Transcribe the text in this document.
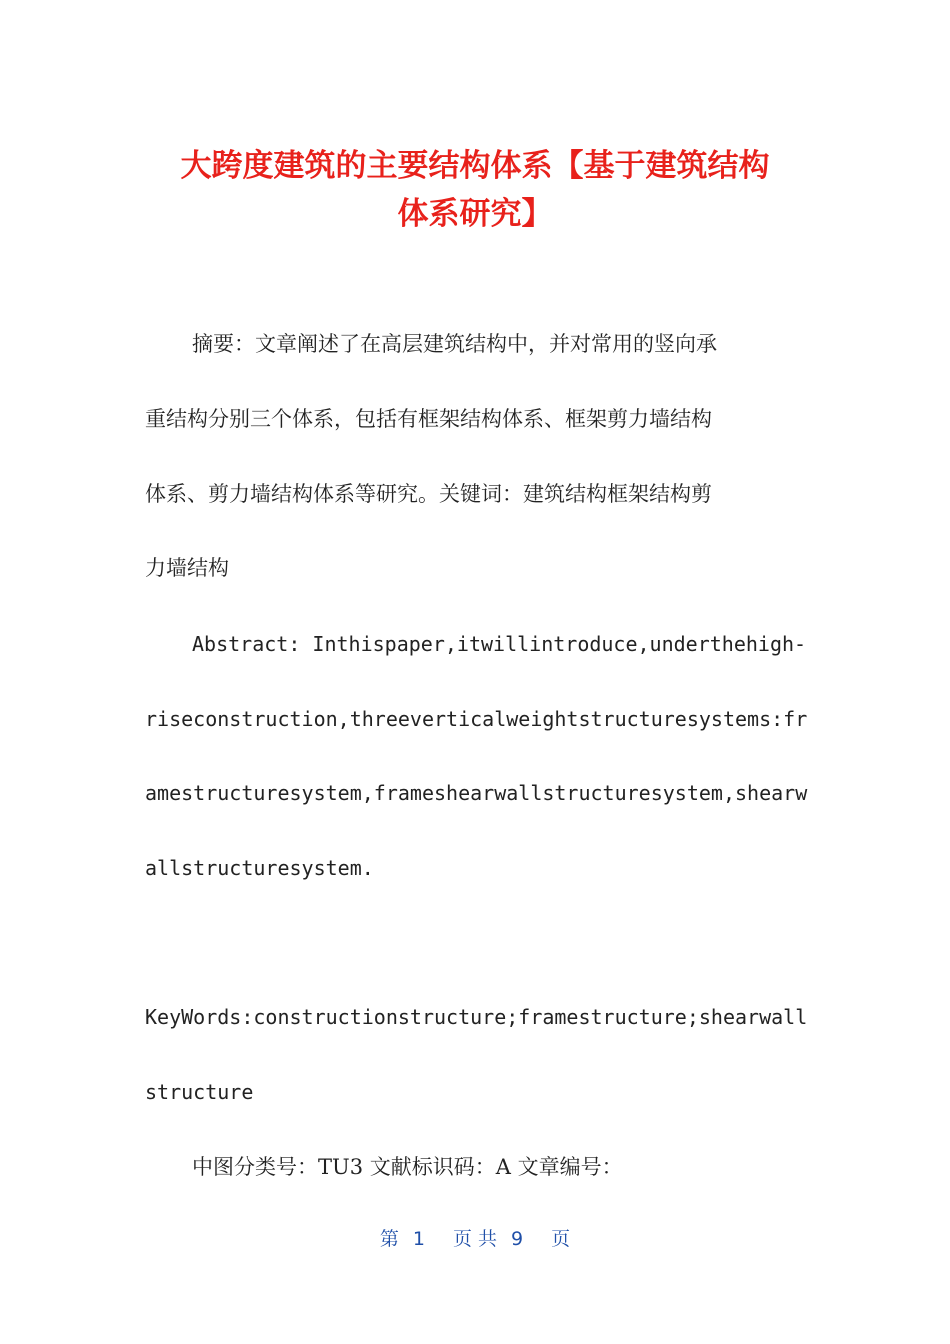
大跨度建筑的主要结构体系【基于建筑结构
体系研究】

摘要：文章阐述了在高层建筑结构中，并对常用的竖向承

重结构分别三个体系，包括有框架结构体系、框架剪力墙结构

体系、剪力墙结构体系等研究。关键词：建筑结构框架结构剪

力墙结构

Abstract: Inthispaper,itwillintroduce,underthehigh-

riseconstruction,threeverticalweightstructuresystems:fr

amestructuresystem,frameshearwallstructuresystem,shearw

allstructuresystem.

KeyWords:constructionstructure;framestructure;shearwall

structure

中图分类号：TU3 文献标识码：A 文章编号：

第 1 页 共 9 页
